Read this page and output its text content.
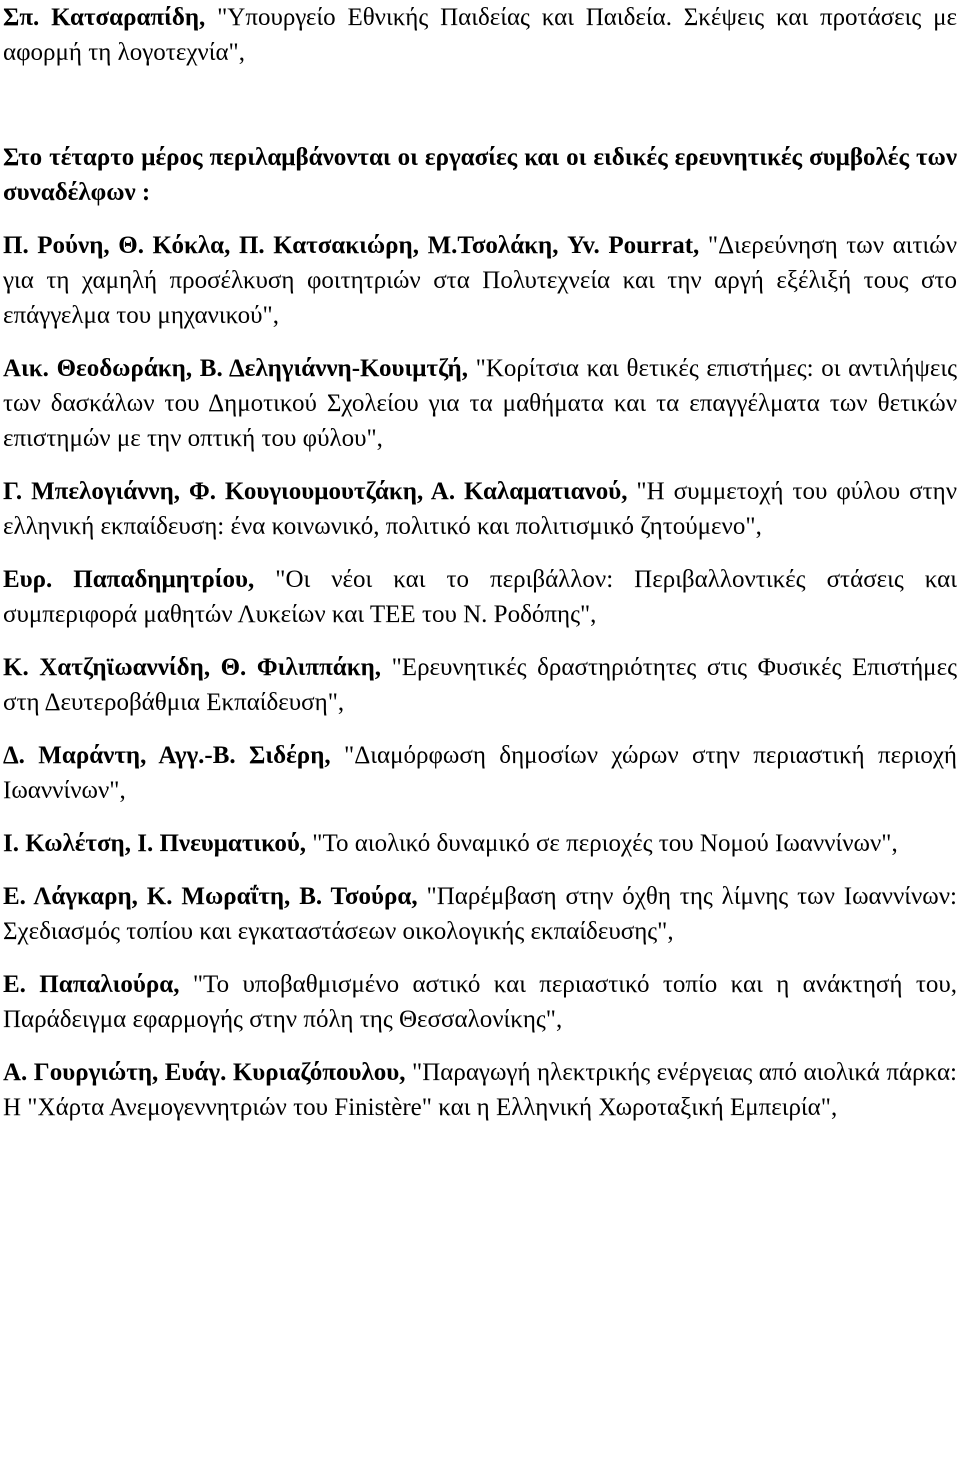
Σπ. Κατσαραπίδη, "Υπουργείο Εθνικής Παιδείας και Παιδεία. Σκέψεις και προτάσεις με αφορμή τη λογοτεχνία",

Στο τέταρτο μέρος περιλαμβάνονται οι εργασίες και οι ειδικές ερευνητικές συμβολές των συναδέλφων :

Π. Ρούνη, Θ. Κόκλα, Π. Κατσακιώρη, Μ.Τσολάκη, Yv. Pourrat, "Διερεύνηση των αιτιών για τη χαμηλή προσέλκυση φοιτητριών στα Πολυτεχνεία και την αργή εξέλιξή τους στο επάγγελμα του μηχανικού",

Αικ. Θεοδωράκη, Β. Δεληγιάννη-Κουιμτζή, "Κορίτσια και θετικές επιστήμες: οι αντιλήψεις των δασκάλων του Δημοτικού Σχολείου για τα μαθήματα και τα επαγγέλματα των θετικών επιστημών με την οπτική του φύλου",

Γ. Μπελογιάννη, Φ. Κουγιουμουτζάκη, Α. Καλαματιανού, "Η συμμετοχή του φύλου στην ελληνική εκπαίδευση: ένα κοινωνικό, πολιτικό και πολιτισμικό ζητούμενο",

Ευρ. Παπαδημητρίου, "Οι νέοι και το περιβάλλον: Περιβαλλοντικές στάσεις και συμπεριφορά μαθητών Λυκείων και ΤΕΕ του Ν. Ροδόπης",

Κ. Χατζηϊωαννίδη, Θ. Φιλιππάκη, "Ερευνητικές δραστηριότητες στις Φυσικές Επιστήμες στη Δευτεροβάθμια Εκπαίδευση",

Δ. Μαράντη, Αγγ.-Β. Σιδέρη, "Διαμόρφωση δημοσίων χώρων στην περιαστική περιοχή Ιωαννίνων",

Ι. Κωλέτση, Ι. Πνευματικού, "Το αιολικό δυναμικό σε περιοχές του Νομού Ιωαννίνων",

Ε. Λάγκαρη, Κ. Μωραΐτη, Β. Τσούρα, "Παρέμβαση στην όχθη της λίμνης των Ιωαννίνων: Σχεδιασμός τοπίου και εγκαταστάσεων οικολογικής εκπαίδευσης",

Ε. Παπαλιούρα, "Το υποβαθμισμένο αστικό και περιαστικό τοπίο και η ανάκτησή του, Παράδειγμα εφαρμογής στην πόλη της Θεσσαλονίκης",

Α. Γουργιώτη, Ευάγ. Κυριαζόπουλου, "Παραγωγή ηλεκτρικής ενέργειας από αιολικά πάρκα: Η "Χάρτα Ανεμογεννητριών του Finistère" και η Ελληνική Χωροταξική Εμπειρία",
